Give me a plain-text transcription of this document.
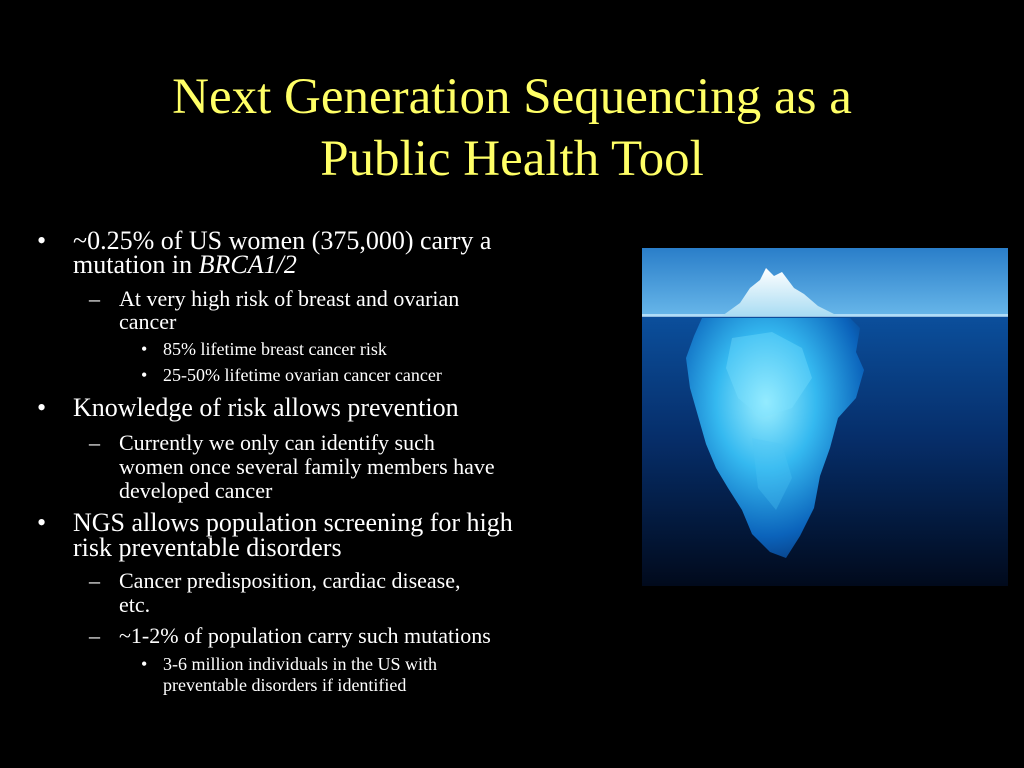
Next Generation Sequencing as a
Public Health Tool
• ~0.25% of US women (375,000) carry a
mutation in BRCA1/2
– At very high risk of breast and ovarian
cancer
• 85% lifetime breast cancer risk
• 25-50% lifetime ovarian cancer cancer
• Knowledge of risk allows prevention
– Currently we only can identify such
women once several family members have
developed cancer
• NGS allows population screening for high
risk preventable disorders
– Cancer predisposition, cardiac disease,
etc.
– ~1-2% of population carry such mutations
• 3-6 million individuals in the US with
preventable disorders if identified
